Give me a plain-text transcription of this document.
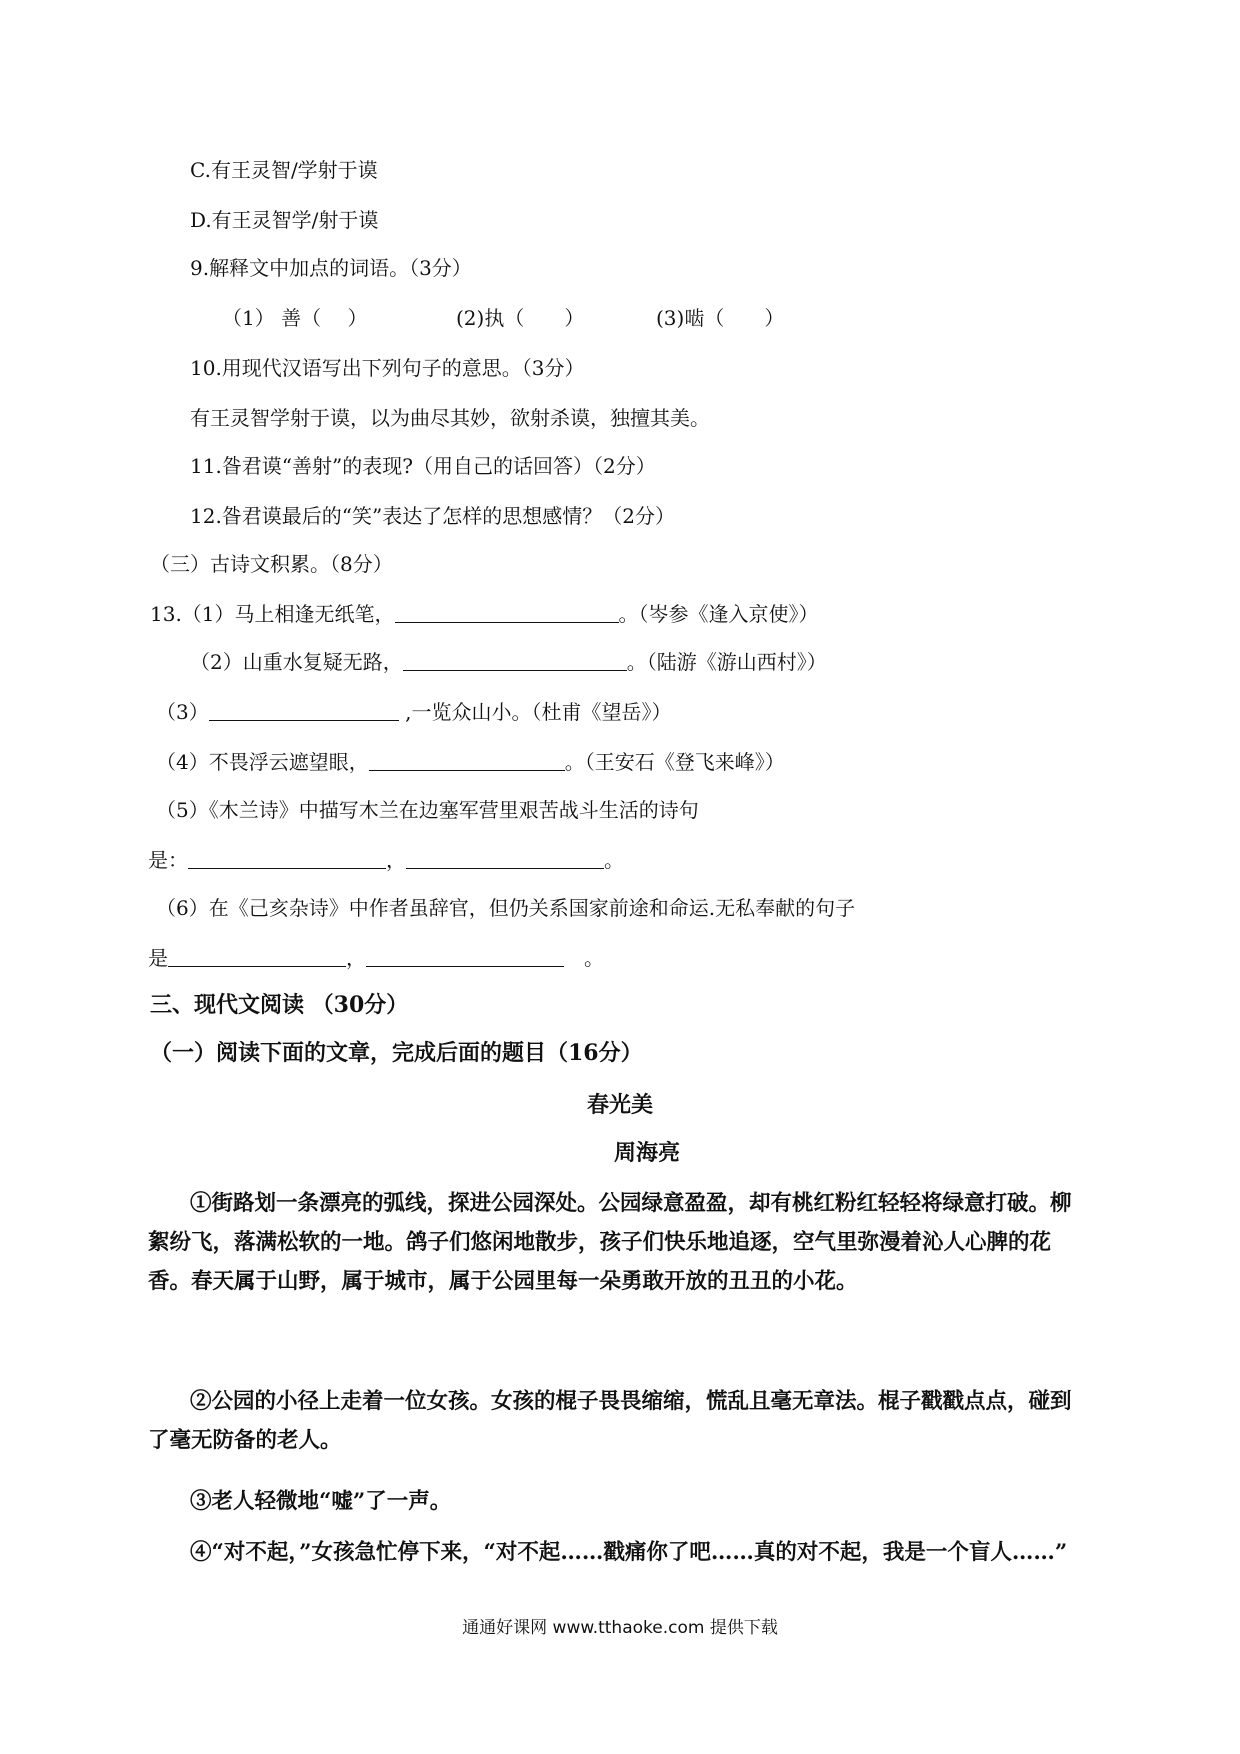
C.有王灵智/学射于谟
D.有王灵智学/射于谟
9.解释文中加点的词语。（3分）
（1） 善（　 ）	(2)执（　　）	(3)啮（　　）
10.用现代汉语写出下列句子的意思。（3分）
有王灵智学射于谟，以为曲尽其妙，欲射杀谟，独擅其美。
11.昝君谟“善射”的表现?（用自己的话回答）（2分）
12.昝君谟最后的“笑”表达了怎样的思想感情？（2分）
（三）古诗文积累。（8分）
13.（1）马上相逢无纸笔，	。（岑参《逢入京使》）
（2）山重水复疑无路，	。（陆游《游山西村》）
（3）	,一览众山小。（杜甫《望岳》）
（4）不畏浮云遮望眼，	。（王安石《登飞来峰》）
（5）《木兰诗》中描写木兰在边塞军营里艰苦战斗生活的诗句
是：	，	。
（6）在《己亥杂诗》中作者虽辞官，但仍关系国家前途和命运.无私奉献的句子
是	，	。
三、现代文阅读 （30分）
（一）阅读下面的文章，完成后面的题目（16分）
春光美
周海亮
①街路划一条漂亮的弧线，探进公园深处。公园绿意盈盈，却有桃红粉红轻轻将绿意打破。柳絮纷飞，落满松软的一地。鸽子们悠闲地散步，孩子们快乐地追逐，空气里弥漫着沁人心脾的花香。春天属于山野，属于城市，属于公园里每一朵勇敢开放的丑丑的小花。
②公园的小径上走着一位女孩。女孩的棍子畏畏缩缩，慌乱且毫无章法。棍子戳戳点点，碰到了毫无防备的老人。
③老人轻微地“嘘”了一声。
④“对不起，”女孩急忙停下来，“对不起……戳痛你了吧……真的对不起，我是一个盲人……”
通通好课网 www.tthaoke.com 提供下载
